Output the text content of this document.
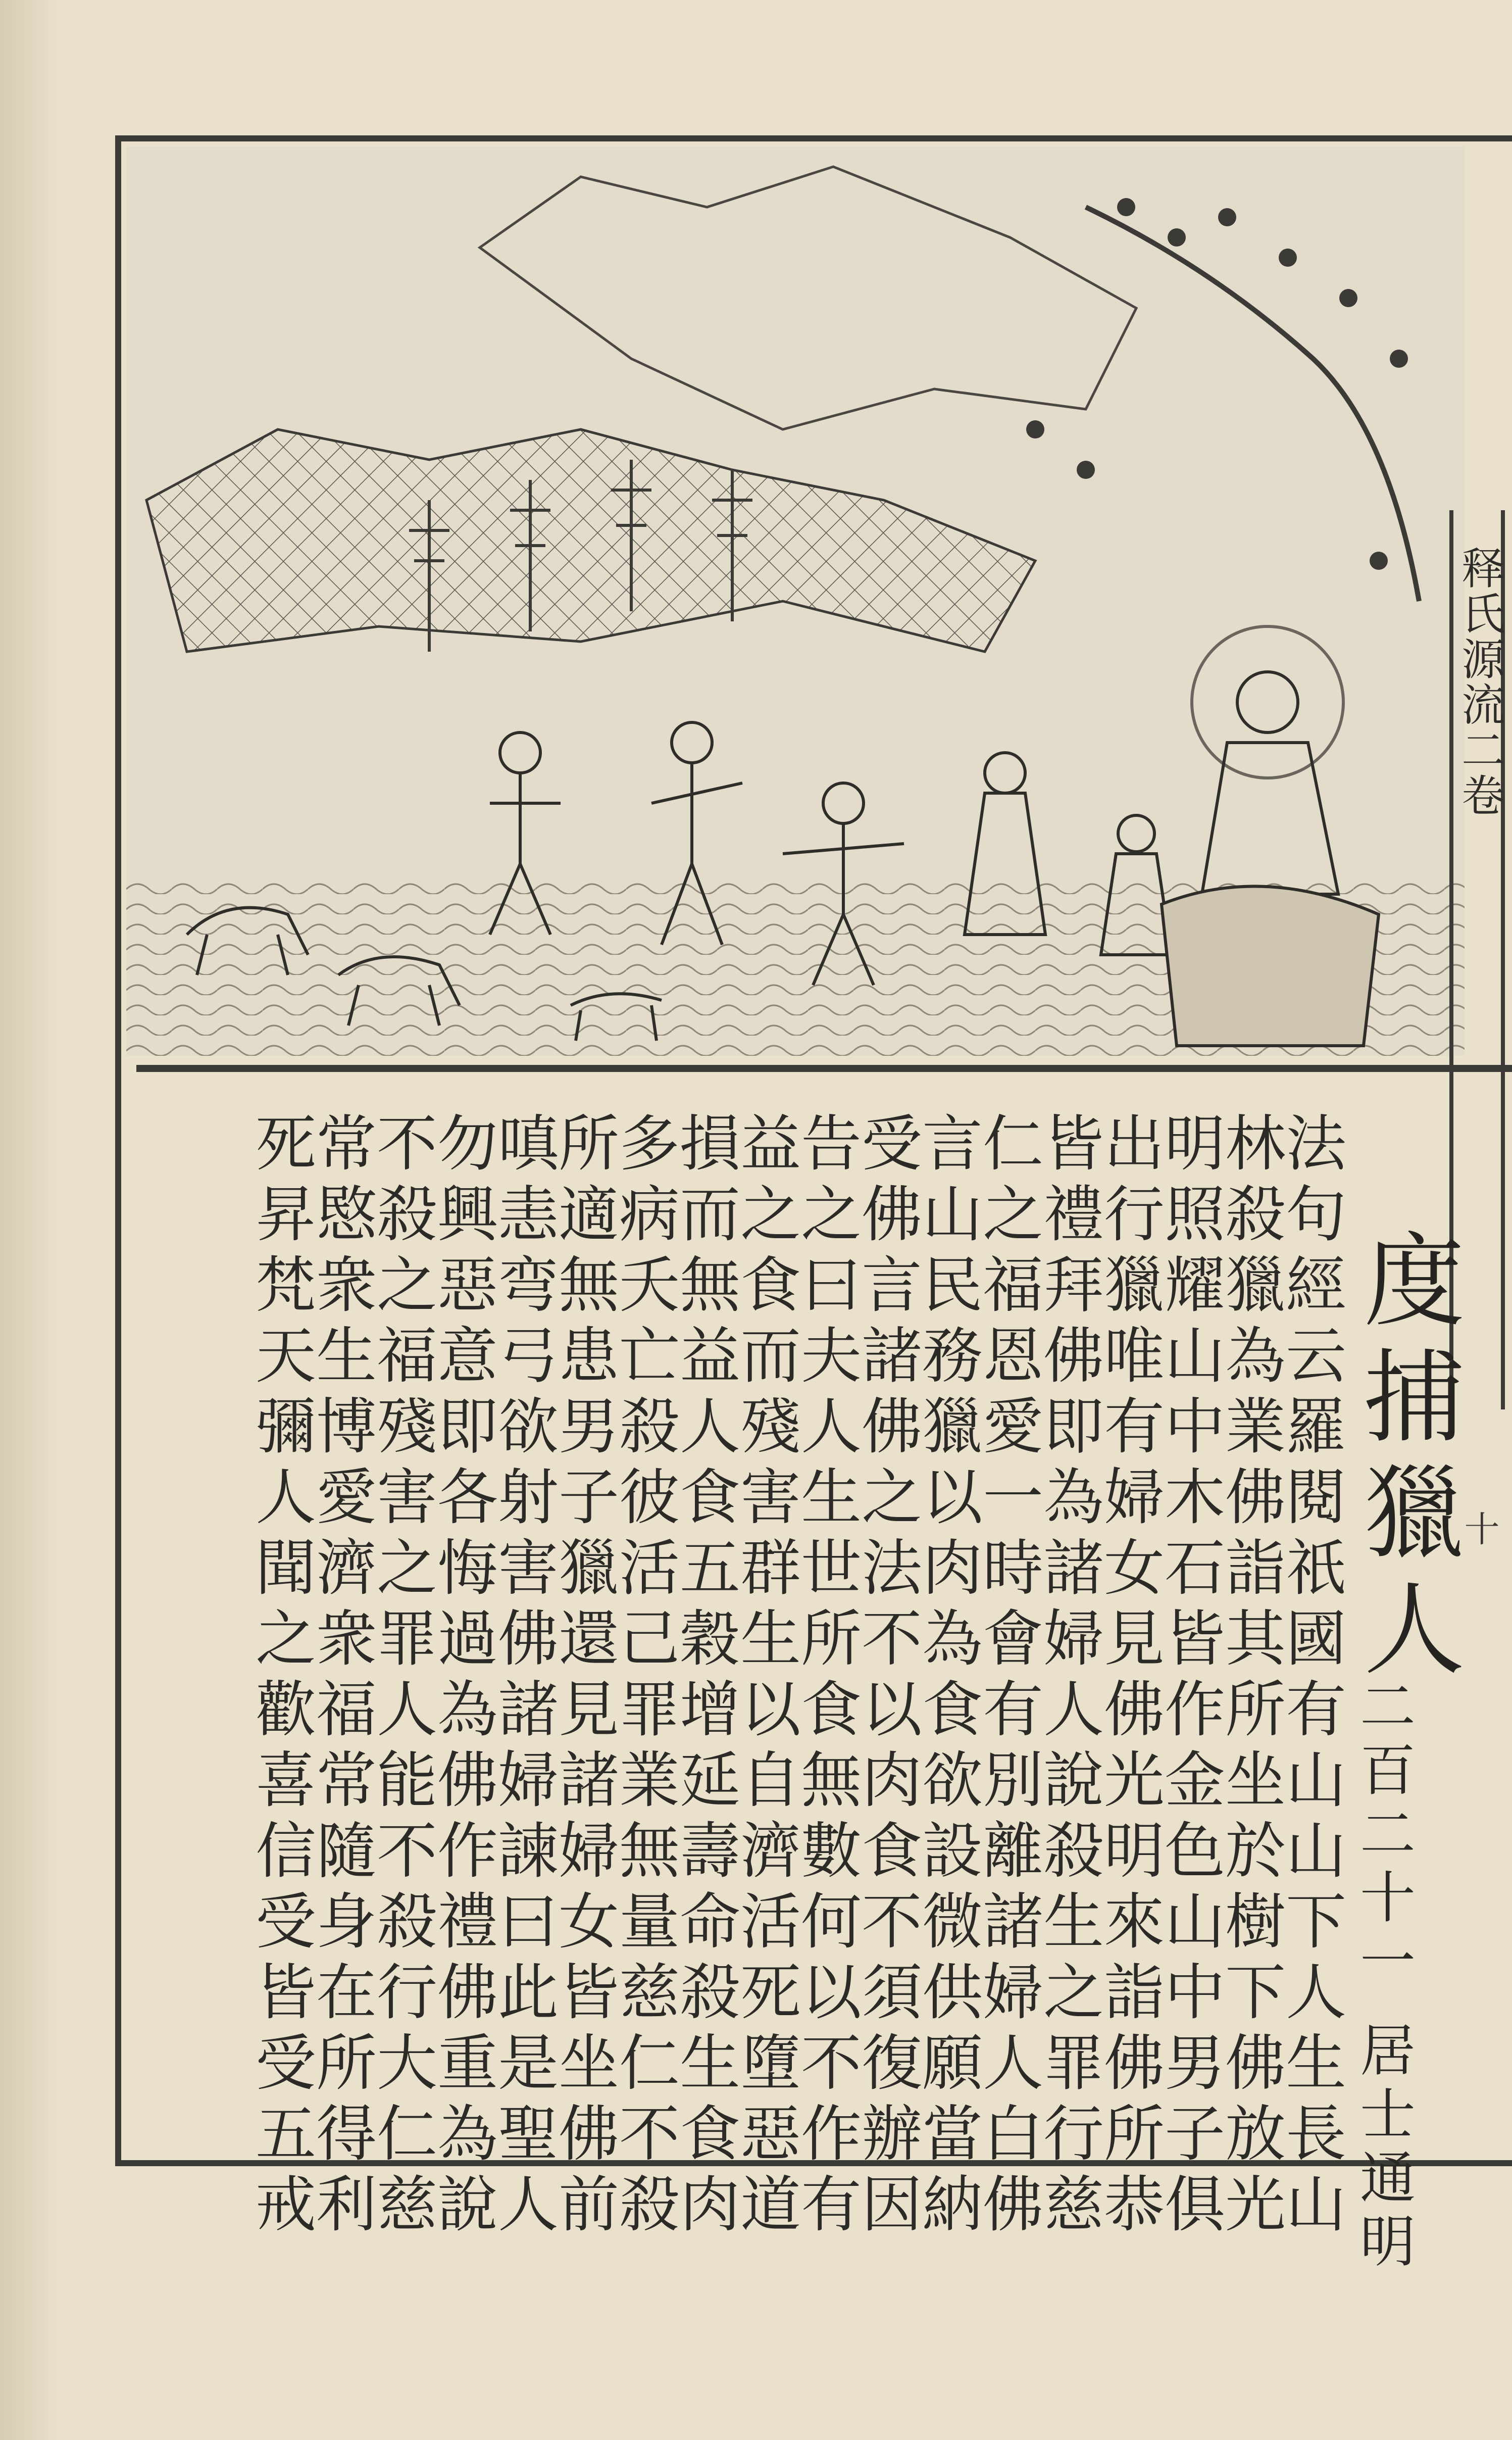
释氏源流二卷
度捕獵人
二百二十一 居士通明
十
法句經云羅閱祇國有山山下人生長山
林殺獵為業佛詣其所坐於樹下佛放光
明照耀山中木石皆作金色山中男子俱
出行獵唯有婦女見佛光明來詣佛所恭
皆禮拜佛即為諸婦人說殺生之罪行慈
仁之福恩愛一時會有別離諸婦人白佛
言山民務獵以肉為食欲設微供願當納
受佛言諸佛之法不以肉食不須復辦因
告之曰夫人生世所食無數何以不作有
益之食而殘害群生以自濟活死墮惡道
損而無益人食五穀增延壽命殺生食肉
多病夭亡殺彼活己罪業無量慈仁不殺
所適無患男子獵還見諸婦女皆坐佛前
嗔恚弯弓欲射害佛諸婦諫曰此是聖人
勿興惡意即各悔過為佛作禮佛重為說
不殺之福殘害之罪人能不殺行大仁慈
常愍衆生博愛濟衆福常隨身在所得利
死昇梵天彌人聞之歡喜信受皆受五戒
